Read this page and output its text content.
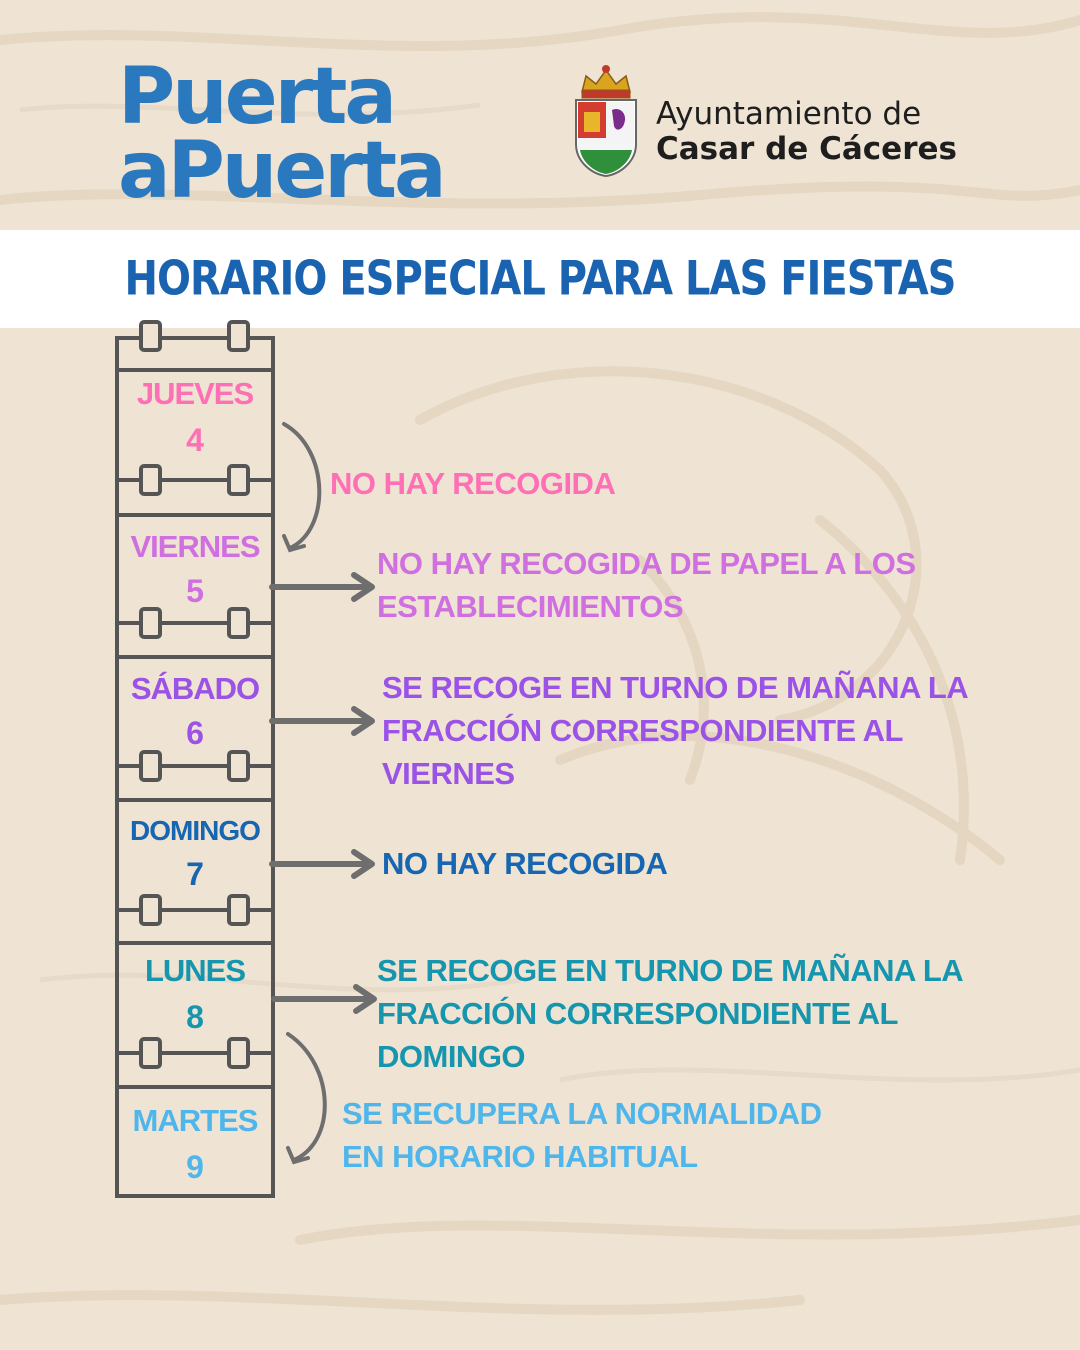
Puerta
aPuerta
Ayuntamiento de
Casar de Cáceres
HORARIO ESPECIAL PARA LAS FIESTAS
JUEVES
4
VIERNES
5
SÁBADO
6
DOMINGO
7
LUNES
8
MARTES
9
NO HAY RECOGIDA
NO HAY RECOGIDA DE PAPEL A LOS
ESTABLECIMIENTOS
SE RECOGE EN TURNO DE MAÑANA LA
FRACCIÓN CORRESPONDIENTE AL
VIERNES
NO HAY RECOGIDA
SE RECOGE EN TURNO DE MAÑANA LA
FRACCIÓN CORRESPONDIENTE AL
DOMINGO
SE RECUPERA LA NORMALIDAD
EN HORARIO HABITUAL
